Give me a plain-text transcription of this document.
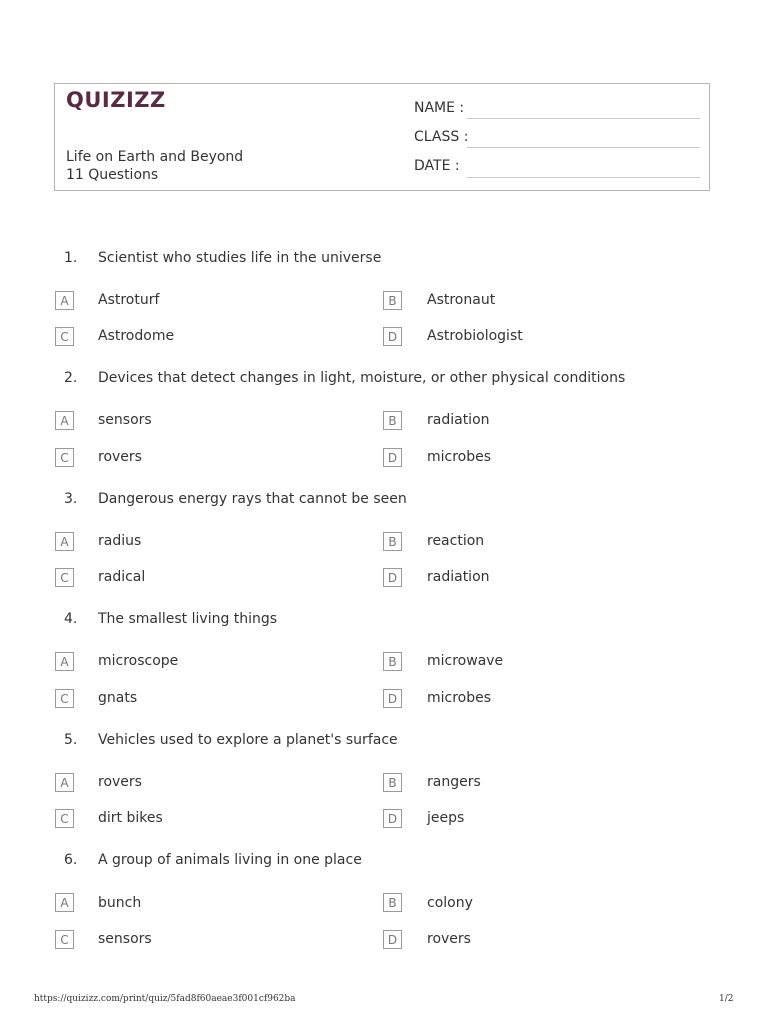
QUIZIZZ
Life on Earth and Beyond
11 Questions
NAME :
CLASS :
DATE :
1. Scientist who studies life in the universe
A	Astroturf	B	Astronaut
C	Astrodome	D	Astrobiologist
2. Devices that detect changes in light, moisture, or other physical conditions
A	sensors	B	radiation
C	rovers	D	microbes
3. Dangerous energy rays that cannot be seen
A	radius	B	reaction
C	radical	D	radiation
4. The smallest living things
A	microscope	B	microwave
C	gnats	D	microbes
5. Vehicles used to explore a planet's surface
A	rovers	B	rangers
C	dirt bikes	D	jeeps
6. A group of animals living in one place
A	bunch	B	colony
C	sensors	D	rovers
https://quizizz.com/print/quiz/5fad8f60aeae3f001cf962ba	1/2
